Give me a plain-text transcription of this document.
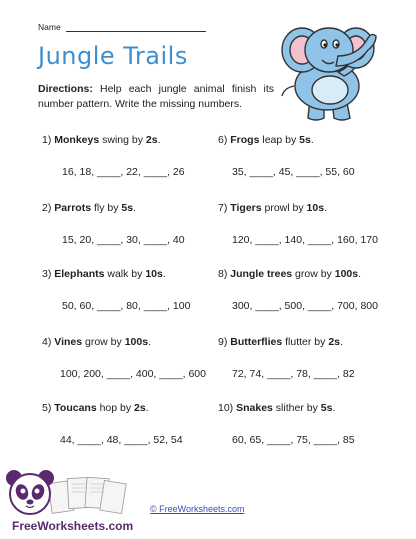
Name
Jungle Trails
Directions: Help each jungle animal finish its number pattern. Write the missing numbers.
1) Monkeys swing by 2s.
16, 18, ____, 22, ____, 26
2) Parrots fly by 5s.
15, 20, ____, 30, ____, 40
3) Elephants walk by 10s.
50, 60, ____, 80, ____, 100
4) Vines grow by 100s.
100, 200, ____, 400, ____, 600
5) Toucans hop by 2s.
44, ____, 48, ____, 52, 54
6) Frogs leap by 5s.
35, ____, 45, ____, 55, 60
7) Tigers prowl by 10s.
120, ____, 140, ____, 160, 170
8) Jungle trees grow by 100s.
300, ____, 500, ____, 700, 800
9) Butterflies flutter by 2s.
72, 74, ____, 78, ____, 82
10) Snakes slither by 5s.
60, 65, ____, 75, ____, 85
FreeWorksheets.com
© FreeWorksheets.com
